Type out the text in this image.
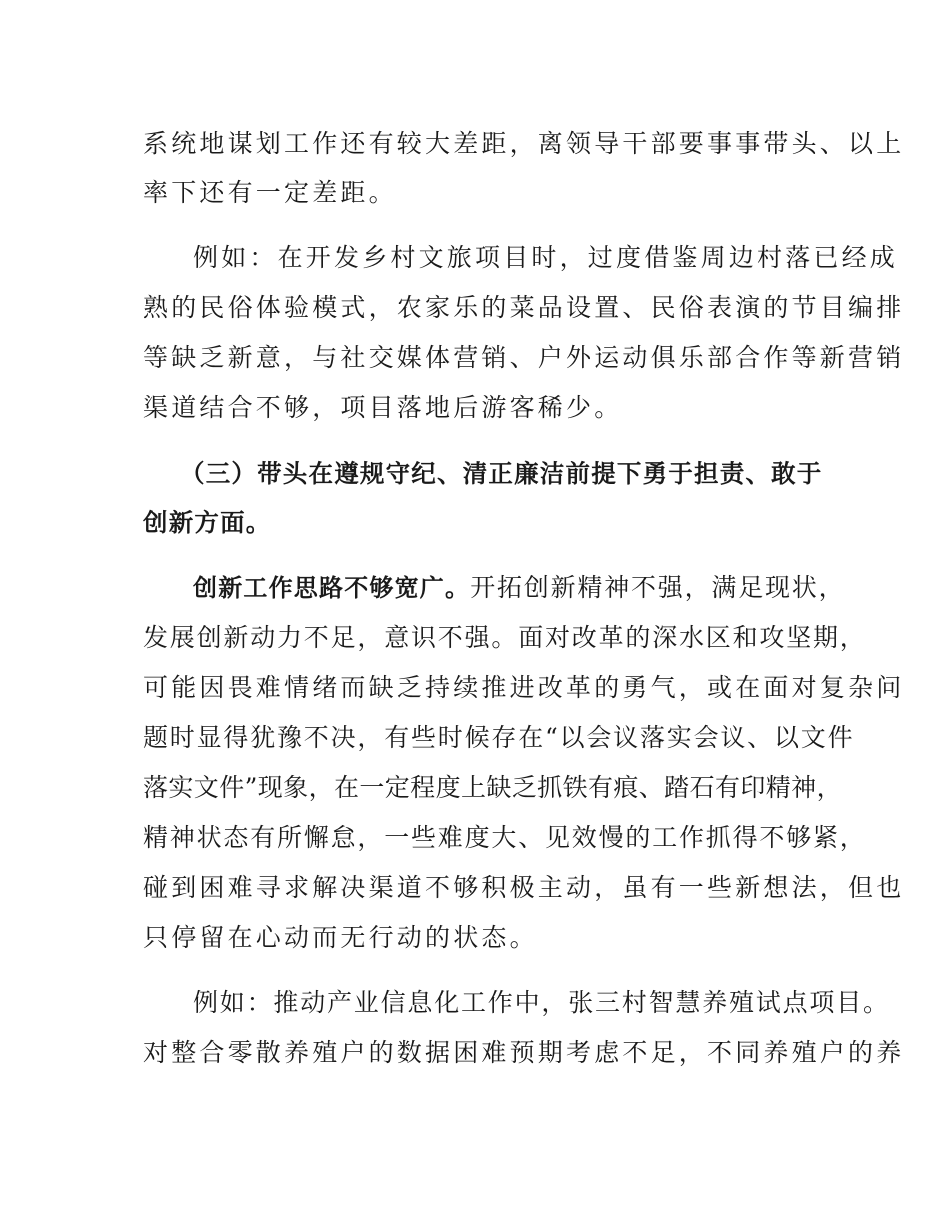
系统地谋划工作还有较大差距，离领导干部要事事带头、以上
率下还有一定差距。
例如：在开发乡村文旅项目时，过度借鉴周边村落已经成
熟的民俗体验模式，农家乐的菜品设置、民俗表演的节目编排
等缺乏新意，与社交媒体营销、户外运动俱乐部合作等新营销
渠道结合不够，项目落地后游客稀少。
（三）带头在遵规守纪、清正廉洁前提下勇于担责、敢于
创新方面。
创新工作思路不够宽广。开拓创新精神不强，满足现状，
发展创新动力不足，意识不强。面对改革的深水区和攻坚期，
可能因畏难情绪而缺乏持续推进改革的勇气，或在面对复杂问
题时显得犹豫不决，有些时候存在“以会议落实会议、以文件
落实文件”现象，在一定程度上缺乏抓铁有痕、踏石有印精神，
精神状态有所懈怠，一些难度大、见效慢的工作抓得不够紧，
碰到困难寻求解决渠道不够积极主动，虽有一些新想法，但也
只停留在心动而无行动的状态。
例如：推动产业信息化工作中，张三村智慧养殖试点项目。
对整合零散养殖户的数据困难预期考虑不足，不同养殖户的养
